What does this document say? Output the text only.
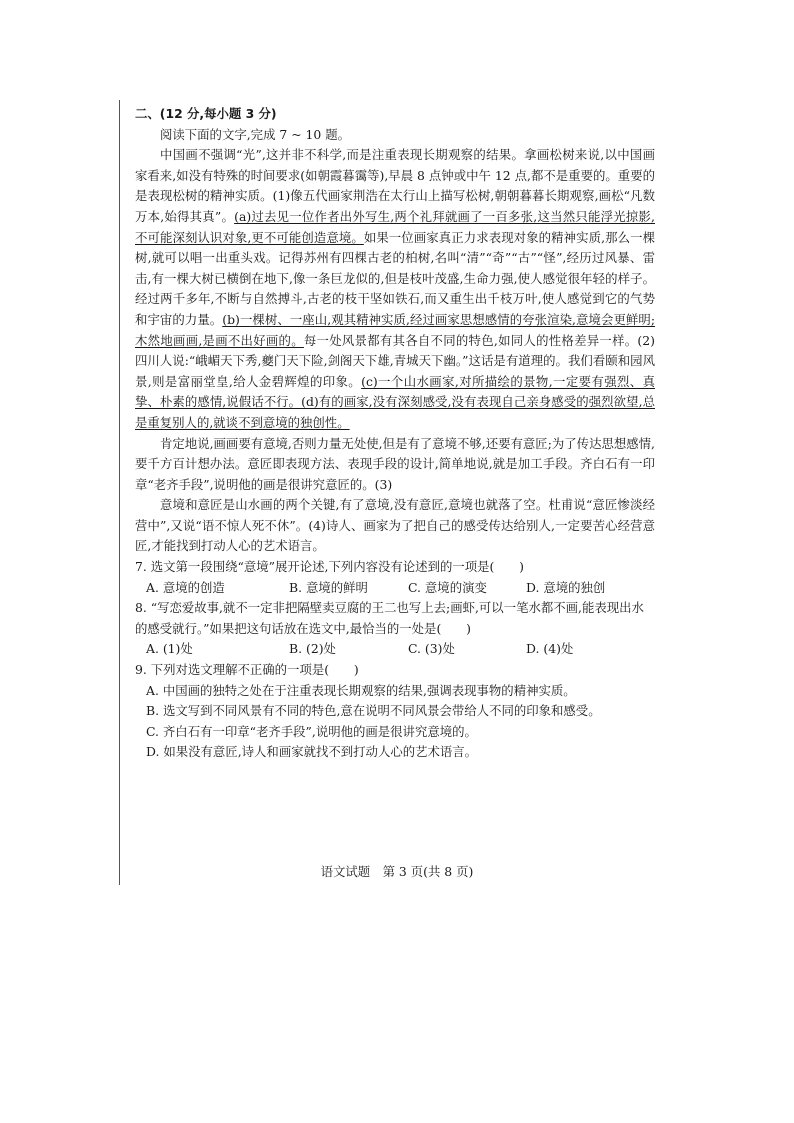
二、(12 分,每小题 3 分)

阅读下面的文字,完成 7 ~ 10 题。

中国画不强调“光”,这并非不科学,而是注重表现长期观察的结果。拿画松树来说,以中国画家看来,如没有特殊的时间要求(如朝霞暮霭等),早晨 8 点钟或中午 12 点,都不是重要的。重要的是表现松树的精神实质。(1)像五代画家荆浩在太行山上描写松树,朝朝暮暮长期观察,画松“凡数万本,始得其真”。(a)过去见一位作者出外写生,两个礼拜就画了一百多张,这当然只能浮光掠影,不可能深刻认识对象,更不可能创造意境。如果一位画家真正力求表现对象的精神实质,那么一棵树,就可以唱一出重头戏。记得苏州有四棵古老的柏树,名叫“清”“奇”“古”“怪”,经历过风暴、雷击,有一棵大树已横倒在地下,像一条巨龙似的,但是枝叶茂盛,生命力强,使人感觉很年轻的样子。经过两千多年,不断与自然搏斗,古老的枝干坚如铁石,而又重生出千枝万叶,使人感觉到它的气势和宇宙的力量。(b)一棵树、一座山,观其精神实质,经过画家思想感情的夸张渲染,意境会更鲜明;木然地画画,是画不出好画的。每一处风景都有其各自不同的特色,如同人的性格差异一样。(2)四川人说:“峨嵋天下秀,夔门天下险,剑阁天下雄,青城天下幽。”这话是有道理的。我们看颐和园风景,则是富丽堂皇,给人金碧辉煌的印象。(c)一个山水画家,对所描绘的景物,一定要有强烈、真挚、朴素的感情,说假话不行。(d)有的画家,没有深刻感受,没有表现自己亲身感受的强烈欲望,总是重复别人的,就谈不到意境的独创性。

肯定地说,画画要有意境,否则力量无处使,但是有了意境不够,还要有意匠;为了传达思想感情,要千方百计想办法。意匠即表现方法、表现手段的设计,简单地说,就是加工手段。齐白石有一印章“老齐手段”,说明他的画是很讲究意匠的。(3)

意境和意匠是山水画的两个关键,有了意境,没有意匠,意境也就落了空。杜甫说“意匠惨淡经营中”,又说“语不惊人死不休”。(4)诗人、画家为了把自己的感受传达给别人,一定要苦心经营意匠,才能找到打动人心的艺术语言。

7. 选文第一段围绕“意境”展开论述,下列内容没有论述到的一项是(　　)

A. 意境的创造	B. 意境的鲜明	C. 意境的演变	D. 意境的独创

8. “写恋爱故事,就不一定非把隔壁卖豆腐的王二也写上去;画虾,可以一笔水都不画,能表现出水的感受就行。”如果把这句话放在选文中,最恰当的一处是(　　)

A. (1)处	B. (2)处	C. (3)处	D. (4)处

9. 下列对选文理解不正确的一项是(　　)

A. 中国画的独特之处在于注重表现长期观察的结果,强调表现事物的精神实质。

B. 选文写到不同风景有不同的特色,意在说明不同风景会带给人不同的印象和感受。

C. 齐白石有一印章“老齐手段”,说明他的画是很讲究意境的。

D. 如果没有意匠,诗人和画家就找不到打动人心的艺术语言。

语文试题　第 3 页(共 8 页)
